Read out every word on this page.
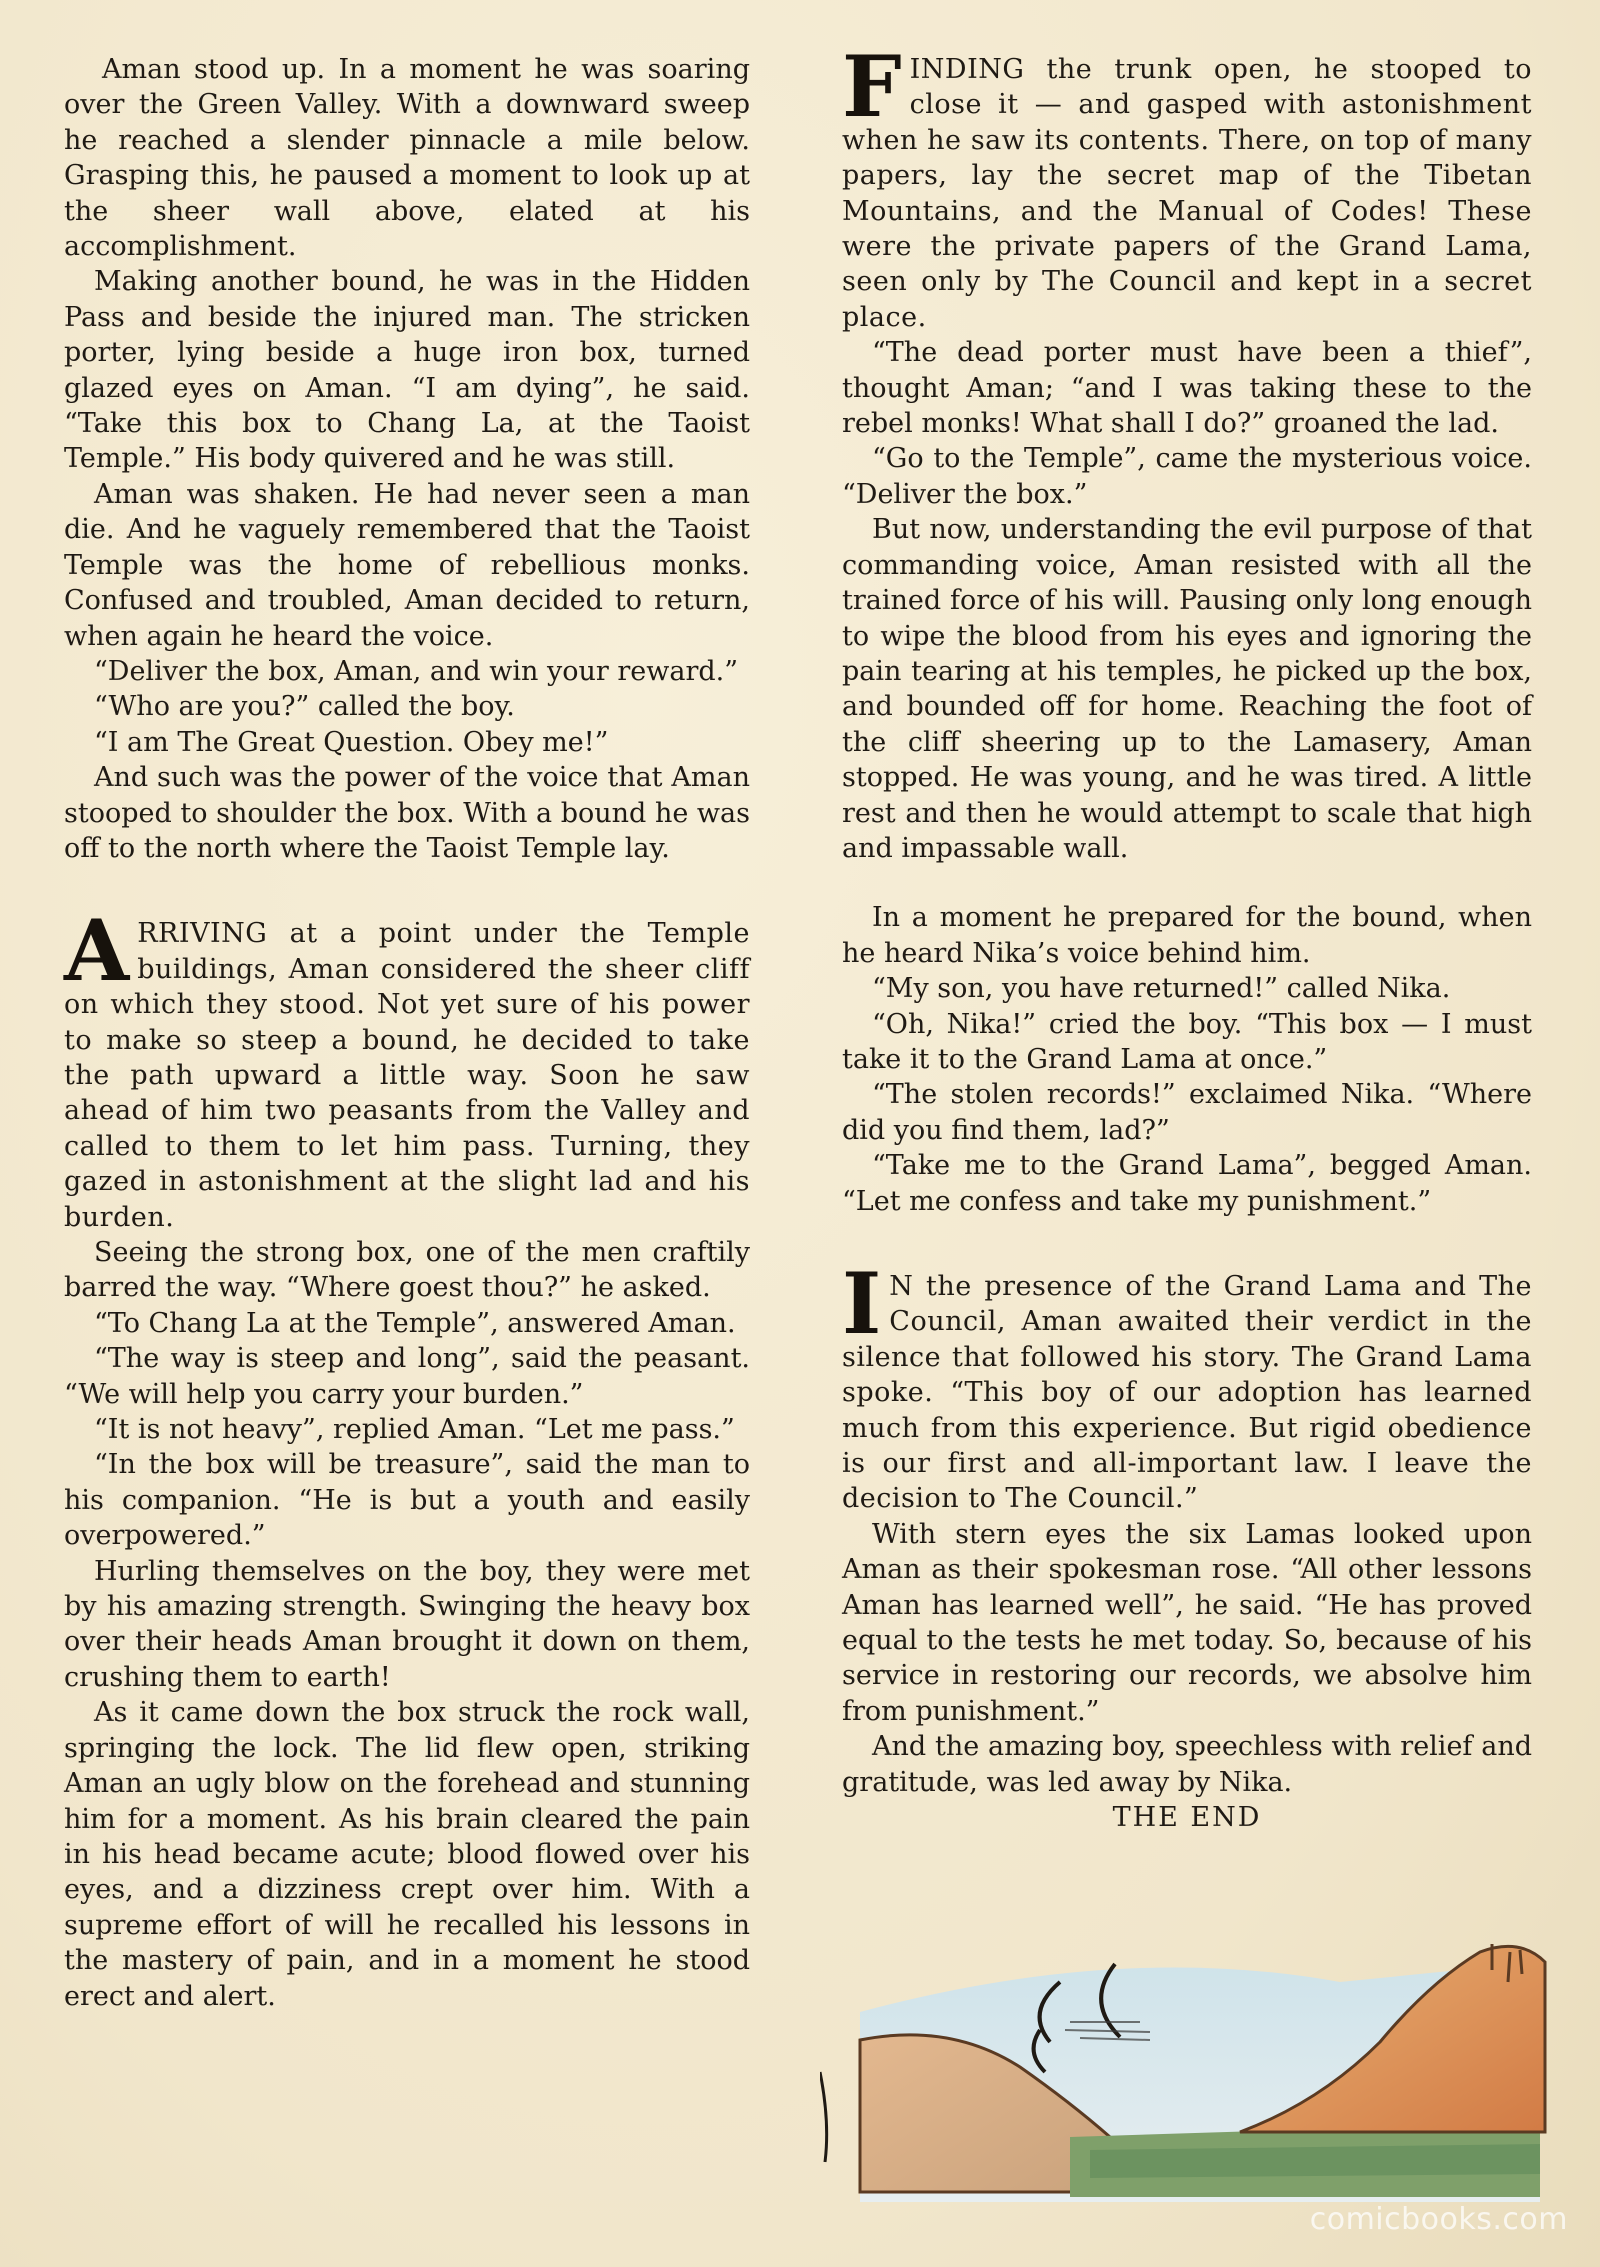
Aman stood up. In a moment he was soaring over the Green Valley. With a downward sweep he reached a slender pinnacle a mile below. Grasping this, he paused a moment to look up at the sheer wall above, elated at his accomplishment.

Making another bound, he was in the Hidden Pass and beside the injured man. The stricken porter, lying beside a huge iron box, turned glazed eyes on Aman. “I am dying”, he said. “Take this box to Chang La, at the Taoist Temple.” His body quivered and he was still.

Aman was shaken. He had never seen a man die. And he vaguely remembered that the Taoist Temple was the home of rebellious monks. Confused and troubled, Aman decided to return, when again he heard the voice.

“Deliver the box, Aman, and win your reward.”

“Who are you?” called the boy.

“I am The Great Question. Obey me!”

And such was the power of the voice that Aman stooped to shoulder the box. With a bound he was off to the north where the Taoist Temple lay.

ARRIVING at a point under the Temple buildings, Aman considered the sheer cliff on which they stood. Not yet sure of his power to make so steep a bound, he decided to take the path upward a little way. Soon he saw ahead of him two peasants from the Valley and called to them to let him pass. Turning, they gazed in astonishment at the slight lad and his burden.

Seeing the strong box, one of the men craftily barred the way. “Where goest thou?” he asked.

“To Chang La at the Temple”, answered Aman.

“The way is steep and long”, said the peasant. “We will help you carry your burden.”

“It is not heavy”, replied Aman. “Let me pass.”

“In the box will be treasure”, said the man to his companion. “He is but a youth and easily overpowered.”

Hurling themselves on the boy, they were met by his amazing strength. Swinging the heavy box over their heads Aman brought it down on them, crushing them to earth!

As it came down the box struck the rock wall, springing the lock. The lid flew open, striking Aman an ugly blow on the forehead and stunning him for a moment. As his brain cleared the pain in his head became acute; blood flowed over his eyes, and a dizziness crept over him. With a supreme effort of will he recalled his lessons in the mastery of pain, and in a moment he stood erect and alert.

FINDING the trunk open, he stooped to close it — and gasped with astonishment when he saw its contents. There, on top of many papers, lay the secret map of the Tibetan Mountains, and the Manual of Codes! These were the private papers of the Grand Lama, seen only by The Council and kept in a secret place.

“The dead porter must have been a thief”, thought Aman; “and I was taking these to the rebel monks! What shall I do?” groaned the lad.

“Go to the Temple”, came the mysterious voice. “Deliver the box.”

But now, understanding the evil purpose of that commanding voice, Aman resisted with all the trained force of his will. Pausing only long enough to wipe the blood from his eyes and ignoring the pain tearing at his temples, he picked up the box, and bounded off for home. Reaching the foot of the cliff sheering up to the Lamasery, Aman stopped. He was young, and he was tired. A little rest and then he would attempt to scale that high and impassable wall.

In a moment he prepared for the bound, when he heard Nika’s voice behind him.

“My son, you have returned!” called Nika.

“Oh, Nika!” cried the boy. “This box — I must take it to the Grand Lama at once.”

“The stolen records!” exclaimed Nika. “Where did you find them, lad?”

“Take me to the Grand Lama”, begged Aman. “Let me confess and take my punishment.”

I N the presence of the Grand Lama and The Council, Aman awaited their verdict in the silence that followed his story. The Grand Lama spoke. “This boy of our adoption has learned much from this experience. But rigid obedience is our first and all-important law. I leave the decision to The Council.”

With stern eyes the six Lamas looked upon Aman as their spokesman rose. “All other lessons Aman has learned well”, he said. “He has proved equal to the tests he met today. So, because of his service in restoring our records, we absolve him from punishment.”

And the amazing boy, speechless with relief and gratitude, was led away by Nika.

THE END

comicbooks.com
